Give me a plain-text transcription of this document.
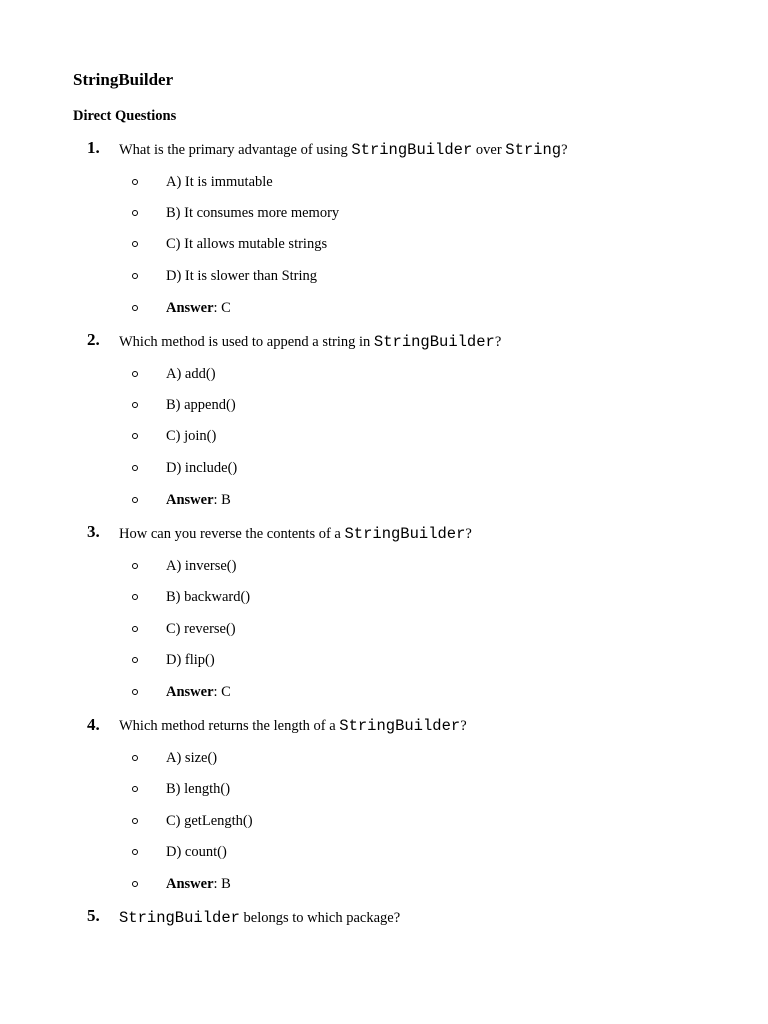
StringBuilder
Direct Questions
1. What is the primary advantage of using StringBuilder over String?
A) It is immutable
B) It consumes more memory
C) It allows mutable strings
D) It is slower than String
Answer: C
2. Which method is used to append a string in StringBuilder?
A) add()
B) append()
C) join()
D) include()
Answer: B
3. How can you reverse the contents of a StringBuilder?
A) inverse()
B) backward()
C) reverse()
D) flip()
Answer: C
4. Which method returns the length of a StringBuilder?
A) size()
B) length()
C) getLength()
D) count()
Answer: B
5. StringBuilder belongs to which package?
